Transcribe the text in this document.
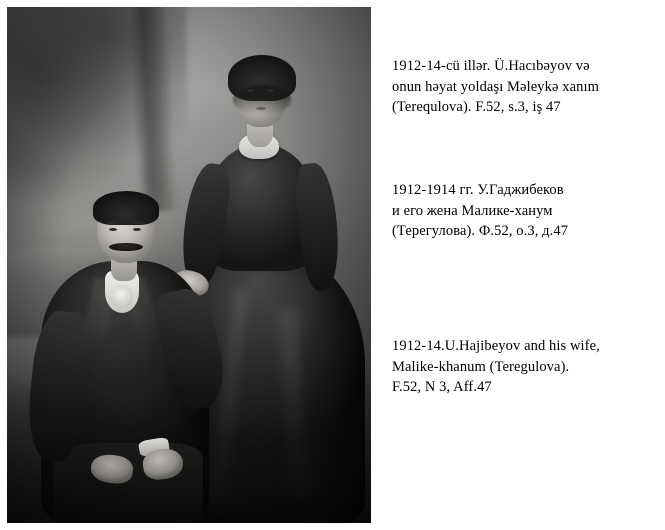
1912-14-cü illər. Ü.Hacıbəyov və

onun həyat yoldaşı Məleykə xanım

(Terequlova). F.52, s.3, iş 47

1912-1914 гг. У.Гаджибеков

и его жена Малике-ханум

(Терегулова). Ф.52, о.3, д.47

1912-14.U.Hajibeyov and his wife,

Malike-khanum (Teregulova).

F.52, N 3, Aff.47
